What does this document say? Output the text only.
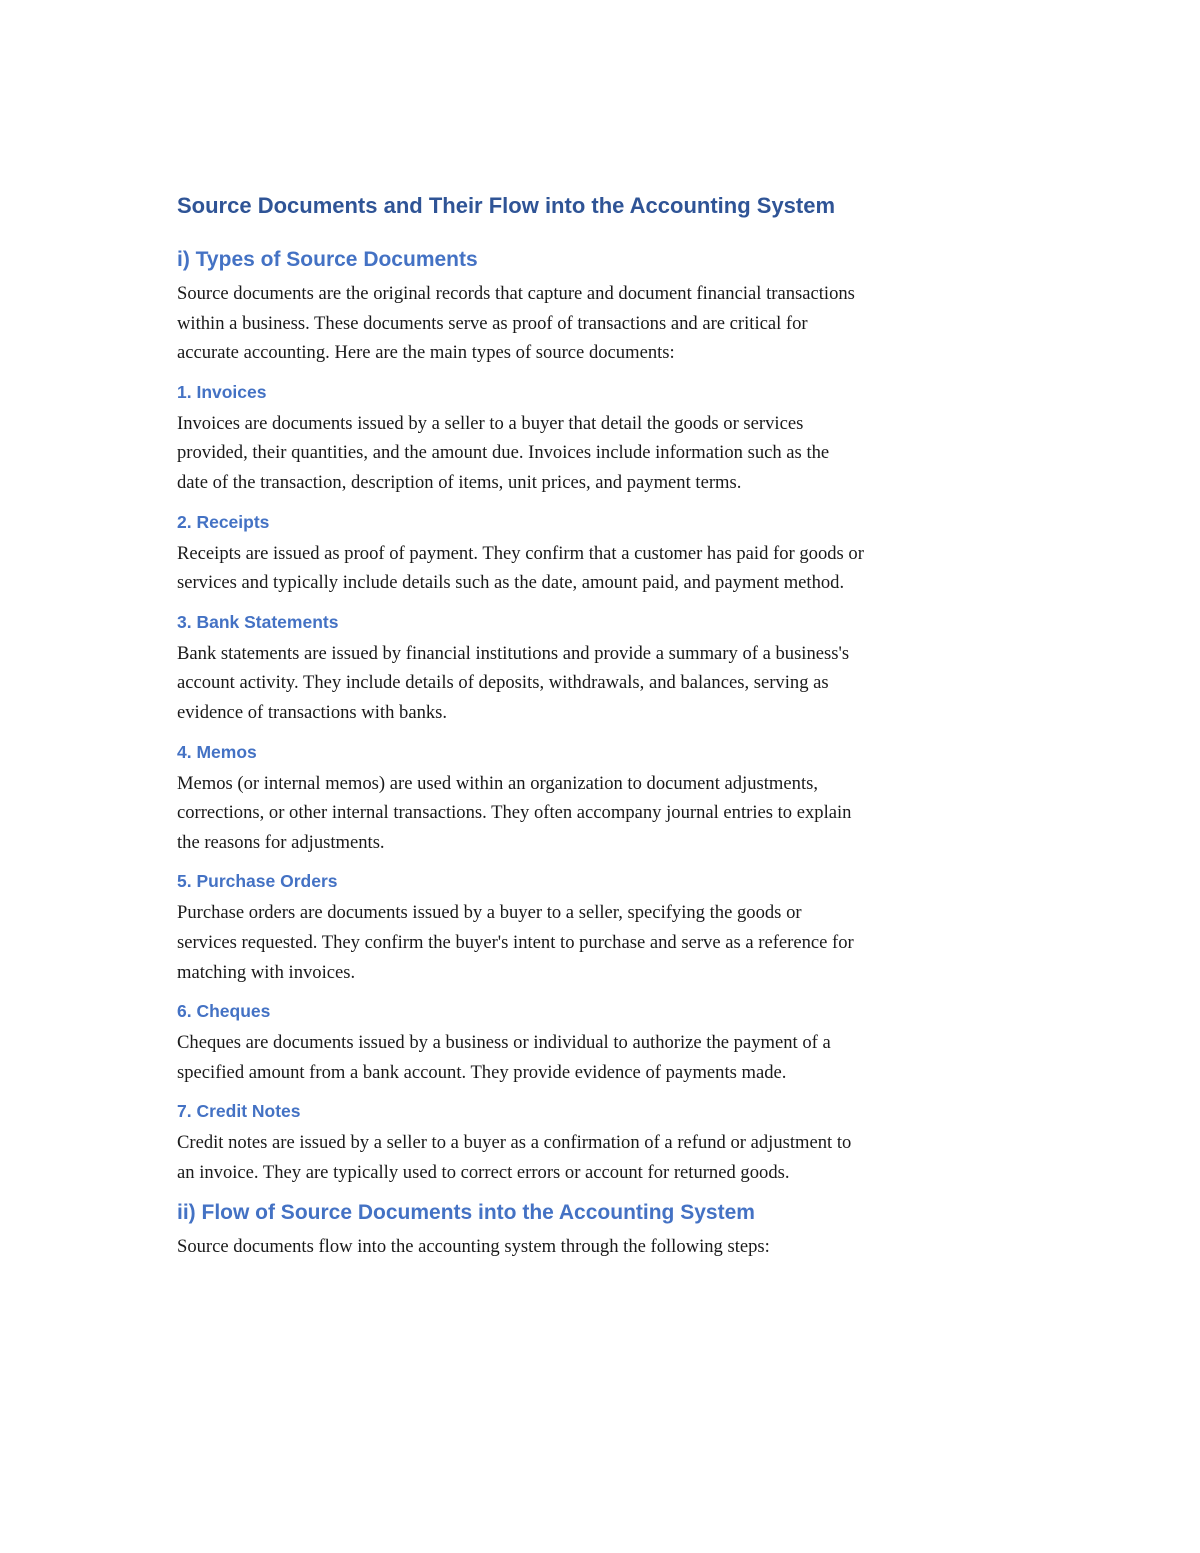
Source Documents and Their Flow into the Accounting System
i) Types of Source Documents

Source documents are the original records that capture and document financial transactions
within a business. These documents serve as proof of transactions and are critical for
accurate accounting. Here are the main types of source documents:

1. Invoices

Invoices are documents issued by a seller to a buyer that detail the goods or services
provided, their quantities, and the amount due. Invoices include information such as the
date of the transaction, description of items, unit prices, and payment terms.

2. Receipts

Receipts are issued as proof of payment. They confirm that a customer has paid for goods or
services and typically include details such as the date, amount paid, and payment method.

3. Bank Statements

Bank statements are issued by financial institutions and provide a summary of a business's
account activity. They include details of deposits, withdrawals, and balances, serving as
evidence of transactions with banks.

4. Memos

Memos (or internal memos) are used within an organization to document adjustments,
corrections, or other internal transactions. They often accompany journal entries to explain
the reasons for adjustments.

5. Purchase Orders

Purchase orders are documents issued by a buyer to a seller, specifying the goods or
services requested. They confirm the buyer's intent to purchase and serve as a reference for
matching with invoices.

6. Cheques

Cheques are documents issued by a business or individual to authorize the payment of a
specified amount from a bank account. They provide evidence of payments made.

7. Credit Notes

Credit notes are issued by a seller to a buyer as a confirmation of a refund or adjustment to
an invoice. They are typically used to correct errors or account for returned goods.

ii) Flow of Source Documents into the Accounting System

Source documents flow into the accounting system through the following steps:
